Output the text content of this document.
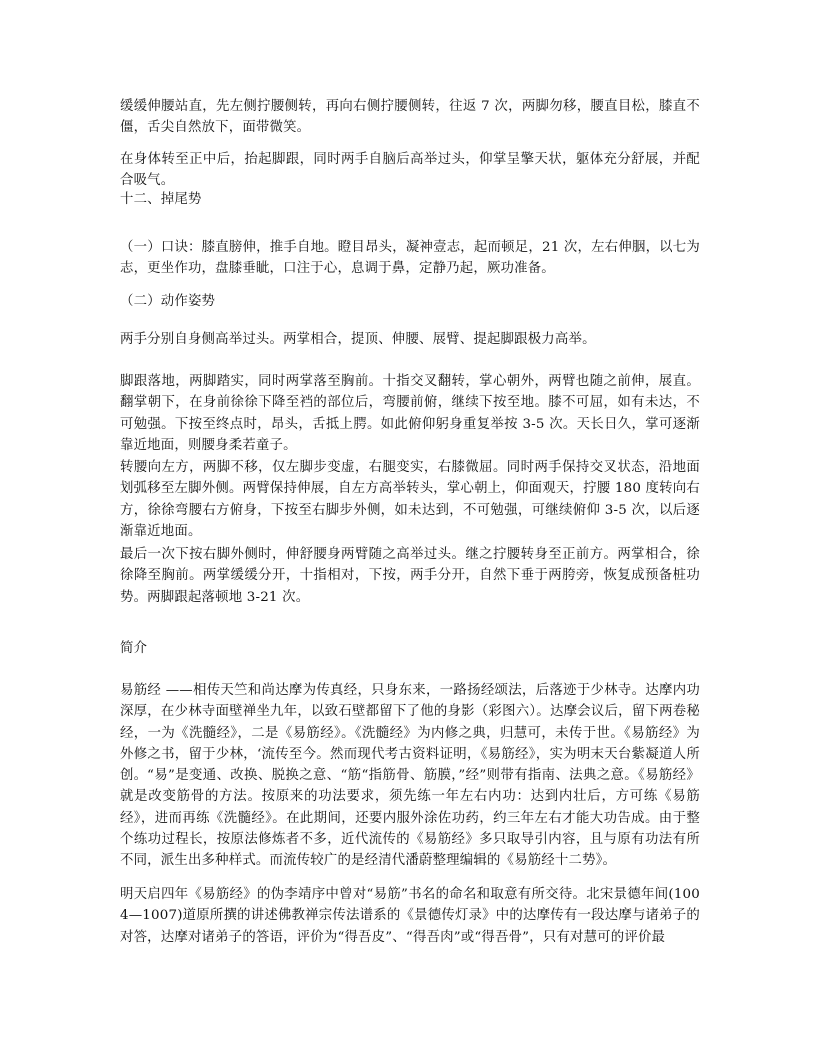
缓缓伸腰站直，先左侧拧腰侧转，再向右侧拧腰侧转，往返 7 次，两脚勿移，腰直目松，膝直不僵，舌尖自然放下，面带微笑。

在身体转至正中后，抬起脚跟，同时两手自脑后高举过头，仰掌呈擎天状，躯体充分舒展，并配合吸气。

十二、掉尾势

（一）口诀：膝直膀伸，推手自地。瞪目昂头，凝神壹志，起而顿足，21 次，左右伸胭，以七为志，更坐作功，盘膝垂眦，口注于心，息调于鼻，定静乃起，厥功准备。

（二）动作姿势

两手分别自身侧高举过头。两掌相合，提顶、伸腰、展臂、提起脚跟极力高举。

脚跟落地，两脚踏实，同时两掌落至胸前。十指交叉翻转，掌心朝外，两臂也随之前伸，展直。翻掌朝下，在身前徐徐下降至裆的部位后，弯腰前俯，继续下按至地。膝不可屈，如有未达，不可勉强。下按至终点时，昂头，舌抵上腭。如此俯仰躬身重复举按 3-5 次。天长日久，掌可逐渐靠近地面，则腰身柔若童子。

转腰向左方，两脚不移，仅左脚步变虚，右腿变实，右膝微屈。同时两手保持交叉状态，沿地面划弧移至左脚外侧。两臂保持伸展，自左方高举转头，掌心朝上，仰面观天，拧腰 180 度转向右方，徐徐弯腰右方俯身，下按至右脚步外侧，如未达到，不可勉强，可继续俯仰 3-5 次，以后逐渐靠近地面。

最后一次下按右脚外侧时，伸舒腰身两臂随之高举过头。继之拧腰转身至正前方。两掌相合，徐徐降至胸前。两掌缓缓分开，十指相对，下按，两手分开，自然下垂于两胯旁，恢复成预备桩功势。两脚跟起落顿地 3-21 次。

简介

易筋经 ——相传天竺和尚达摩为传真经，只身东来，一路扬经颂法，后落迹于少林寺。达摩内功深厚，在少林寺面壁禅坐九年，以致石壁都留下了他的身影（彩图六）。达摩会议后，留下两卷秘经，一为《洗髓经》，二是《易筋经》。《洗髓经》为内修之典，归慧可，未传于世。《易筋经》为外修之书，留于少林，‘流传至今。然而现代考古资料证明，《易筋经》，实为明末天台紫凝道人所创。 “易”是变通、改换、脱换之意、“筋“指筋骨、筋膜，”经”则带有指南、法典之意。《易筋经》就是改变筋骨的方法。按原来的功法要求，须先练一年左右内功：达到内壮后，方可练《易筋经》，进而再练《洗髓经》。在此期间，还要内服外涂佐功药，约三年左右才能大功告成。由于整个练功过程长，按原法修炼者不多，近代流传的《易筋经》多只取导引内容，且与原有功法有所不同，派生出多种样式。而流传较广的是经清代潘蔚整理编辑的《易筋经十二势》。

明天启四年《易筋经》的伪李靖序中曾对“易筋”书名的命名和取意有所交待。北宋景德年间(1004—1007)道原所撰的讲述佛教禅宗传法谱系的《景德传灯录》中的达摩传有一段达摩与诸弟子的对答，达摩对诸弟子的答语，评价为“得吾皮”、“得吾肉”或“得吾骨”，只有对慧可的评价最
